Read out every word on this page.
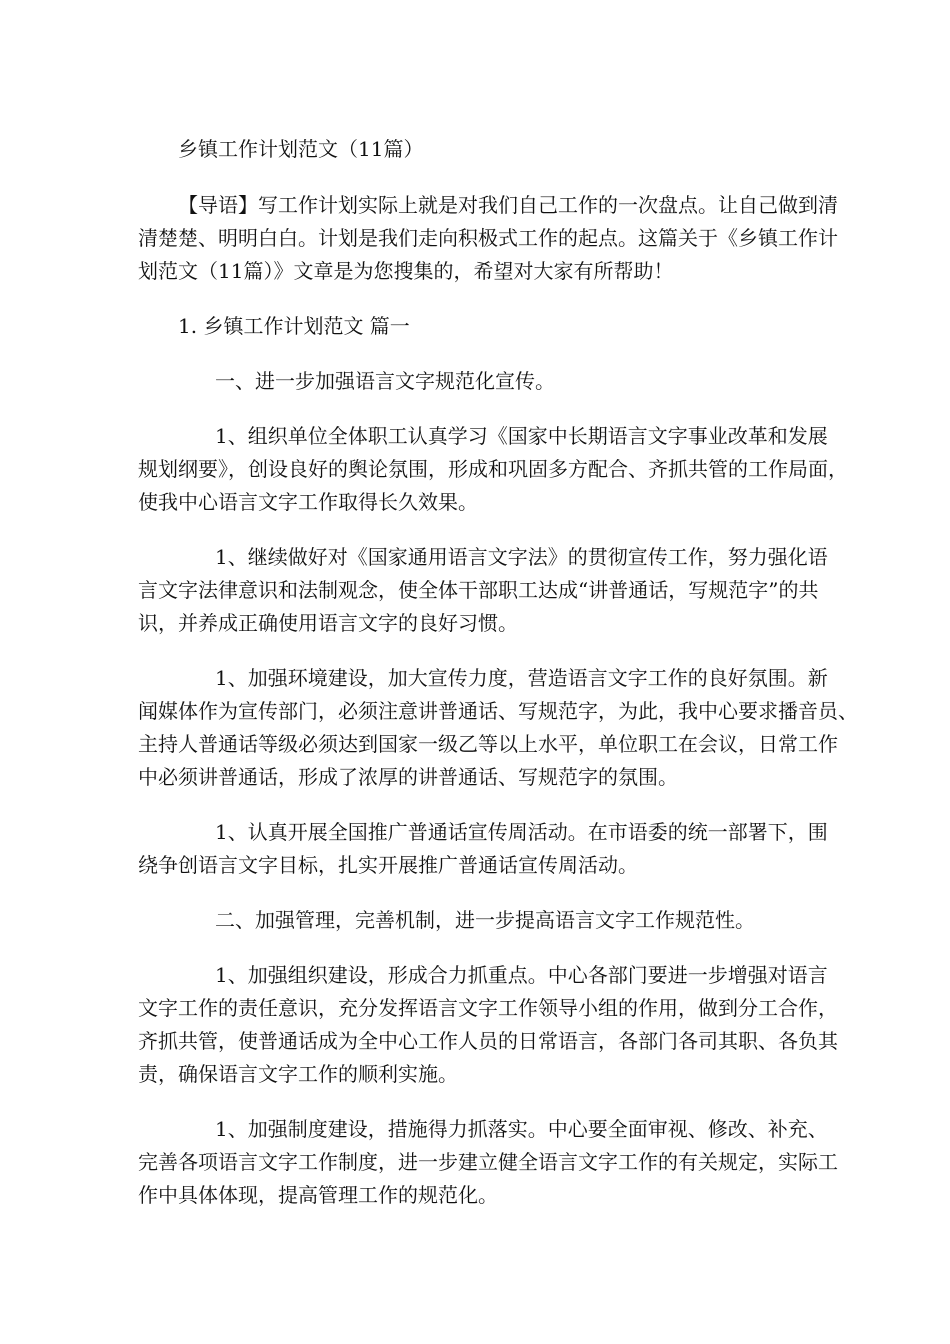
乡镇工作计划范文（11篇）

【导语】写工作计划实际上就是对我们自己工作的一次盘点。让自己做到清

清楚楚、明明白白。计划是我们走向积极式工作的起点。这篇关于《乡镇工作计

划范文（11篇）》文章是为您搜集的，希望对大家有所帮助！

1. 乡镇工作计划范文 篇一
一、进一步加强语言文字规范化宣传。

1、组织单位全体职工认真学习《国家中长期语言文字事业改革和发展

规划纲要》，创设良好的舆论氛围，形成和巩固多方配合、齐抓共管的工作局面，

使我中心语言文字工作取得长久效果。

1、继续做好对《国家通用语言文字法》的贯彻宣传工作，努力强化语

言文字法律意识和法制观念，使全体干部职工达成“讲普通话，写规范字”的共

识，并养成正确使用语言文字的良好习惯。

1、加强环境建设，加大宣传力度，营造语言文字工作的良好氛围。新

闻媒体作为宣传部门，必须注意讲普通话、写规范字，为此，我中心要求播音员、

主持人普通话等级必须达到国家一级乙等以上水平，单位职工在会议，日常工作

中必须讲普通话，形成了浓厚的讲普通话、写规范字的氛围。

1、认真开展全国推广普通话宣传周活动。在市语委的统一部署下，围

绕争创语言文字目标，扎实开展推广普通话宣传周活动。

二、加强管理，完善机制，进一步提高语言文字工作规范性。

1、加强组织建设，形成合力抓重点。中心各部门要进一步增强对语言

文字工作的责任意识，充分发挥语言文字工作领导小组的作用，做到分工合作，

齐抓共管，使普通话成为全中心工作人员的日常语言，各部门各司其职、各负其

责，确保语言文字工作的顺利实施。

1、加强制度建设，措施得力抓落实。中心要全面审视、修改、补充、

完善各项语言文字工作制度，进一步建立健全语言文字工作的有关规定，实际工

作中具体体现，提高管理工作的规范化。
